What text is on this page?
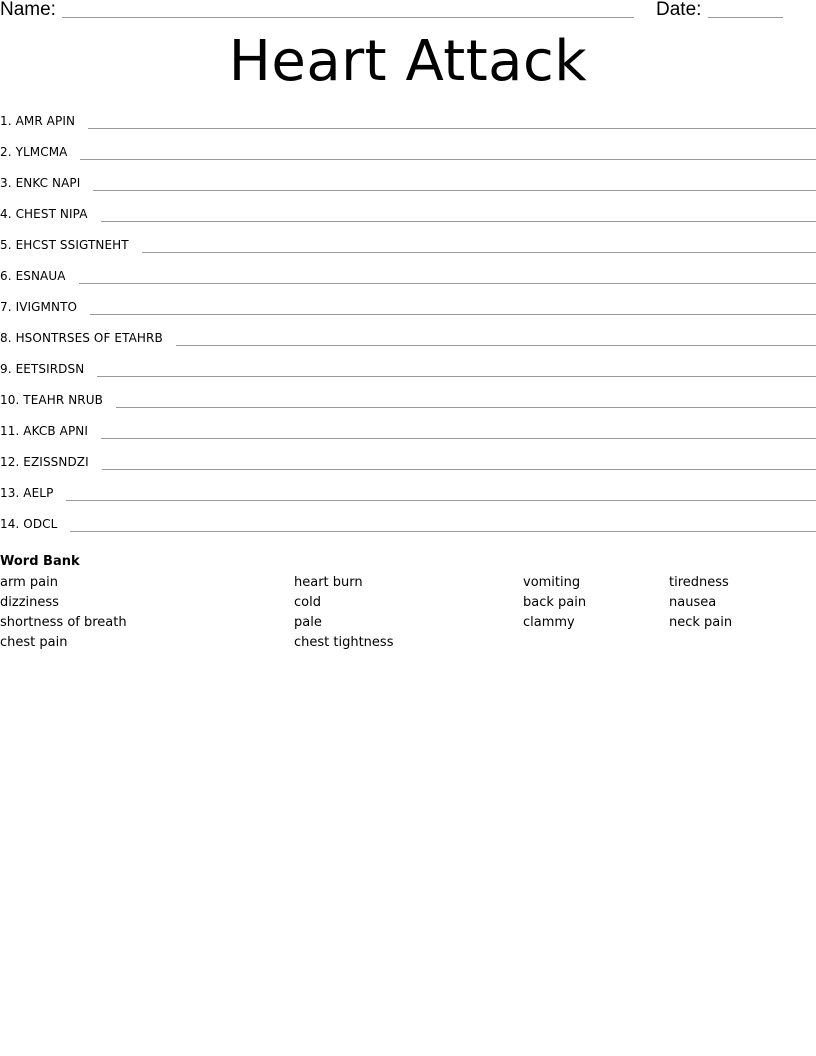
Name:	Date:
Heart Attack
1. AMR APIN
2. YLMCMA
3. ENKC NAPI
4. CHEST NIPA
5. EHCST SSIGTNEHT
6. ESNAUA
7. IVIGMNTO
8. HSONTRSES OF ETAHRB
9. EETSIRDSN
10. TEAHR NRUB
11. AKCB APNI
12. EZISSNDZI
13. AELP
14. ODCL
Word Bank
arm pain
dizziness
shortness of breath
chest pain
heart burn
cold
pale
chest tightness
vomiting
back pain
clammy
tiredness
nausea
neck pain
